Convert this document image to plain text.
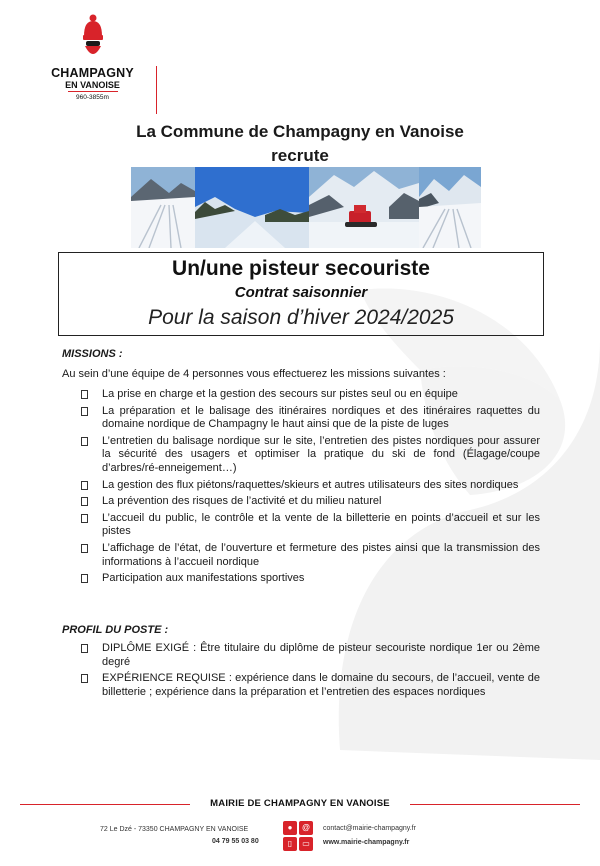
CHAMPAGNY
EN VANOISE
960-3855m
La Commune de Champagny en Vanoise
recrute
Un/une pisteur secouriste
Contrat saisonnier
Pour la saison d’hiver 2024/2025
MISSIONS :
Au sein d’une équipe de 4 personnes vous effectuerez les missions suivantes :
La prise en charge et la gestion des secours sur pistes seul ou en équipe
La préparation et le balisage des itinéraires nordiques et des itinéraires raquettes du domaine nordique de Champagny le haut ainsi que de la piste de luges
L’entretien du balisage nordique sur le site, l’entretien des pistes nordiques pour assurer la sécurité des usagers et optimiser la pratique du ski de fond (Élagage/coupe d’arbres/ré-enneigement…)
La gestion des flux piétons/raquettes/skieurs et autres utilisateurs des sites nordiques
La prévention des risques de l’activité et du milieu naturel
L’accueil du public, le contrôle et la vente de la billetterie en points d’accueil et sur les pistes
L’affichage de l’état, de l’ouverture et fermeture des pistes ainsi que la transmission des informations à l’accueil nordique
Participation aux manifestations sportives
PROFIL DU POSTE :
DIPLÔME EXIGÉ : Être titulaire du diplôme de pisteur secouriste nordique 1er ou 2ème degré
EXPÉRIENCE REQUISE : expérience dans le domaine du secours, de l’accueil, vente de billetterie ; expérience dans la préparation et l’entretien des espaces nordiques
MAIRIE DE CHAMPAGNY EN VANOISE
72 Le Dzé - 73350 CHAMPAGNY EN VANOISE
04 79 55 03 80
●	@
▯	▭
contact@mairie-champagny.fr
www.mairie-champagny.fr
